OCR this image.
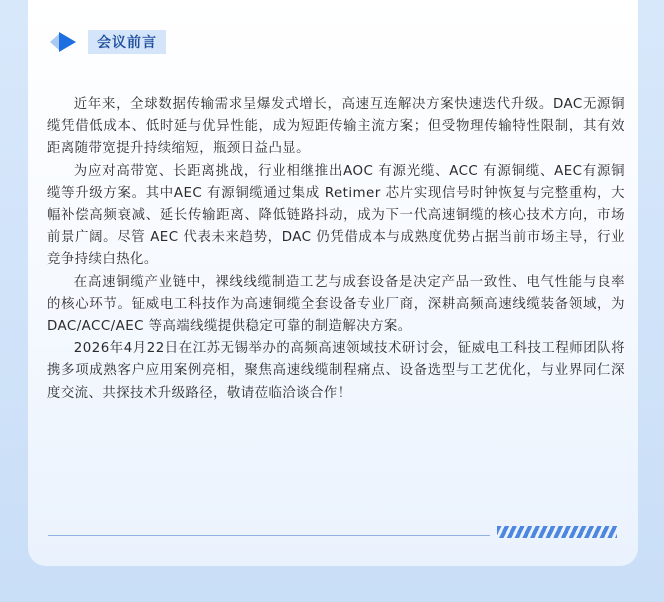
会议前言

近年来，全球数据传输需求呈爆发式增长，高速互连解决方案快速迭代升级。DAC无源铜缆凭借低成本、低时延与优异性能，成为短距传输主流方案；但受物理传输特性限制，其有效距离随带宽提升持续缩短，瓶颈日益凸显。

为应对高带宽、长距离挑战，行业相继推出AOC 有源光缆、ACC 有源铜缆、AEC有源铜缆等升级方案。其中AEC 有源铜缆通过集成 Retimer 芯片实现信号时钟恢复与完整重构，大幅补偿高频衰减、延长传输距离、降低链路抖动，成为下一代高速铜缆的核心技术方向，市场前景广阔。尽管 AEC 代表未来趋势，DAC 仍凭借成本与成熟度优势占据当前市场主导，行业竞争持续白热化。

在高速铜缆产业链中，裸线线缆制造工艺与成套设备是决定产品一致性、电气性能与良率的核心环节。钲威电工科技作为高速铜缆全套设备专业厂商，深耕高频高速线缆装备领域，为 DAC/ACC/AEC 等高端线缆提供稳定可靠的制造解决方案。

2026年4月22日在江苏无锡举办的高频高速领域技术研讨会，钲威电工科技工程师团队将携多项成熟客户应用案例亮相，聚焦高速线缆制程痛点、设备选型与工艺优化，与业界同仁深度交流、共探技术升级路径，敬请莅临洽谈合作！
